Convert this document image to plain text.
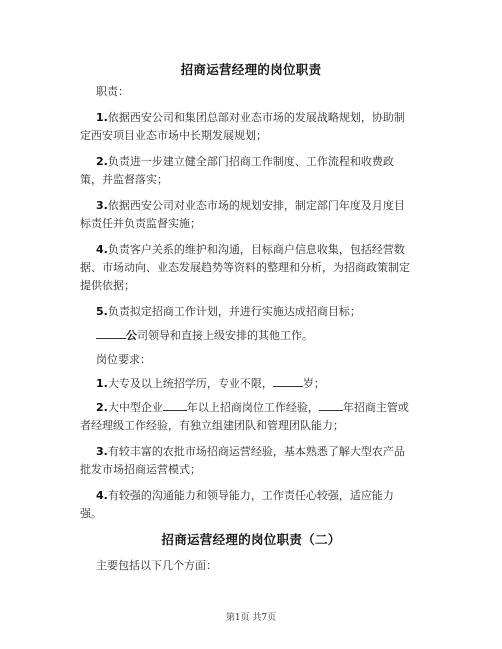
招商运营经理的岗位职责
职责：
1.依据西安公司和集团总部对业态市场的发展战略规划，协助制
定西安项目业态市场中长期发展规划；
2.负责进一步建立健全部门招商工作制度、工作流程和收费政
策，并监督落实；
3.依据西安公司对业态市场的规划安排，制定部门年度及月度目
标责任并负责监督实施；
4.负责客户关系的维护和沟通，目标商户信息收集，包括经营数
据、市场动向、业态发展趋势等资料的整理和分析，为招商政策制定
提供依据；
5.负责拟定招商工作计划，并进行实施达成招商目标；
公司领导和直接上级安排的其他工作。
岗位要求：
1.大专及以上统招学历，专业不限，	岁；
2.大中型企业 年以上招商岗位工作经验， 年招商主管或
者经理级工作经验，有独立组建团队和管理团队能力；
3.有较丰富的农批市场招商运营经验，基本熟悉了解大型农产品
批发市场招商运营模式；
4.有较强的沟通能力和领导能力，工作责任心较强，适应能力
强。
招商运营经理的岗位职责（二）
主要包括以下几个方面：
第1页 共7页
